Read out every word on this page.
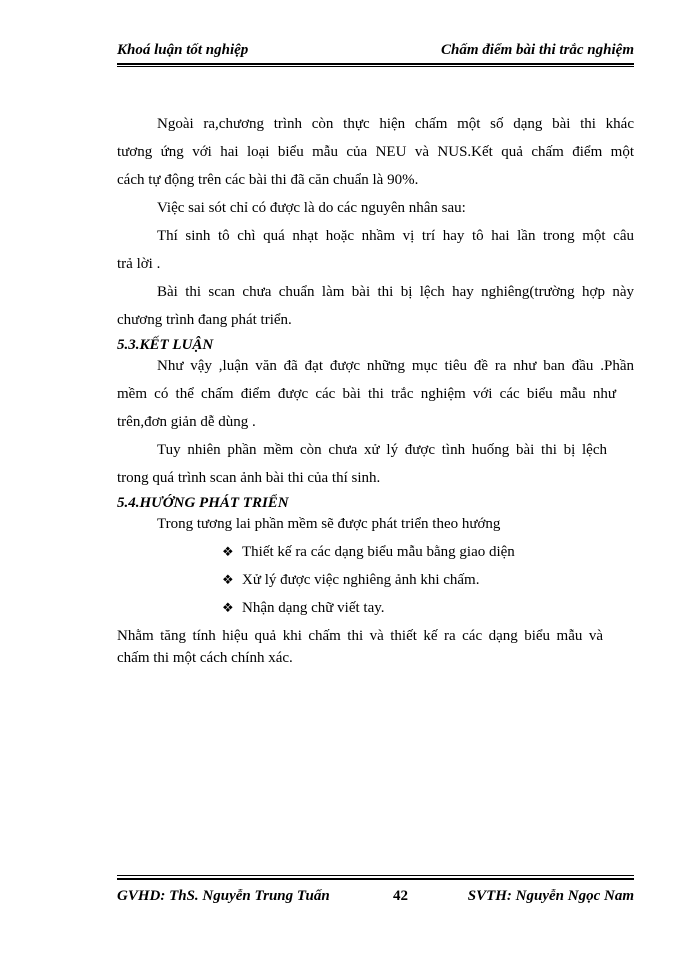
Khoá luận tốt nghiệp	Chấm điểm bài thi trắc nghiệm
Ngoài ra,chương trình còn thực hiện chấm một số dạng bài thi khác
tương ứng với hai loại biểu mẫu của NEU và NUS.Kết quả chấm điểm một
cách tự động trên các bài thi đã căn chuẩn là 90%.
Việc sai sót chỉ có được là do các nguyên nhân sau:
Thí sinh tô chì quá nhạt hoặc nhầm vị trí hay tô hai lần trong một câu
trả lời .
Bài thi scan chưa chuẩn làm bài thi bị lệch hay nghiêng(trường hợp này
chương trình đang phát triển.
5.3.KẾT LUẬN
Như vậy ,luận văn đã đạt được những mục tiêu đề ra như ban đầu .Phần
mềm có thể chấm điểm được các bài thi trắc nghiệm với các biểu mẫu như
trên,đơn giản dễ dùng .
Tuy nhiên phần mềm còn chưa xử lý được tình huống bài thi bị lệch
trong quá trình scan ảnh bài thi của thí sinh.
5.4.HƯỚNG PHÁT TRIỂN
Trong tương lai phần mềm sẽ được phát triển theo hướng
❖ Thiết kế ra các dạng biểu mẫu bằng giao diện
❖ Xử lý được việc nghiêng ảnh khi chấm.
❖ Nhận dạng chữ viết tay.
Nhằm tăng tính hiệu quả khi chấm thi và thiết kế ra các dạng biểu mẫu và
chấm thi một cách chính xác.
GVHD: ThS. Nguyễn Trung Tuấn	42	SVTH: Nguyễn Ngọc Nam
